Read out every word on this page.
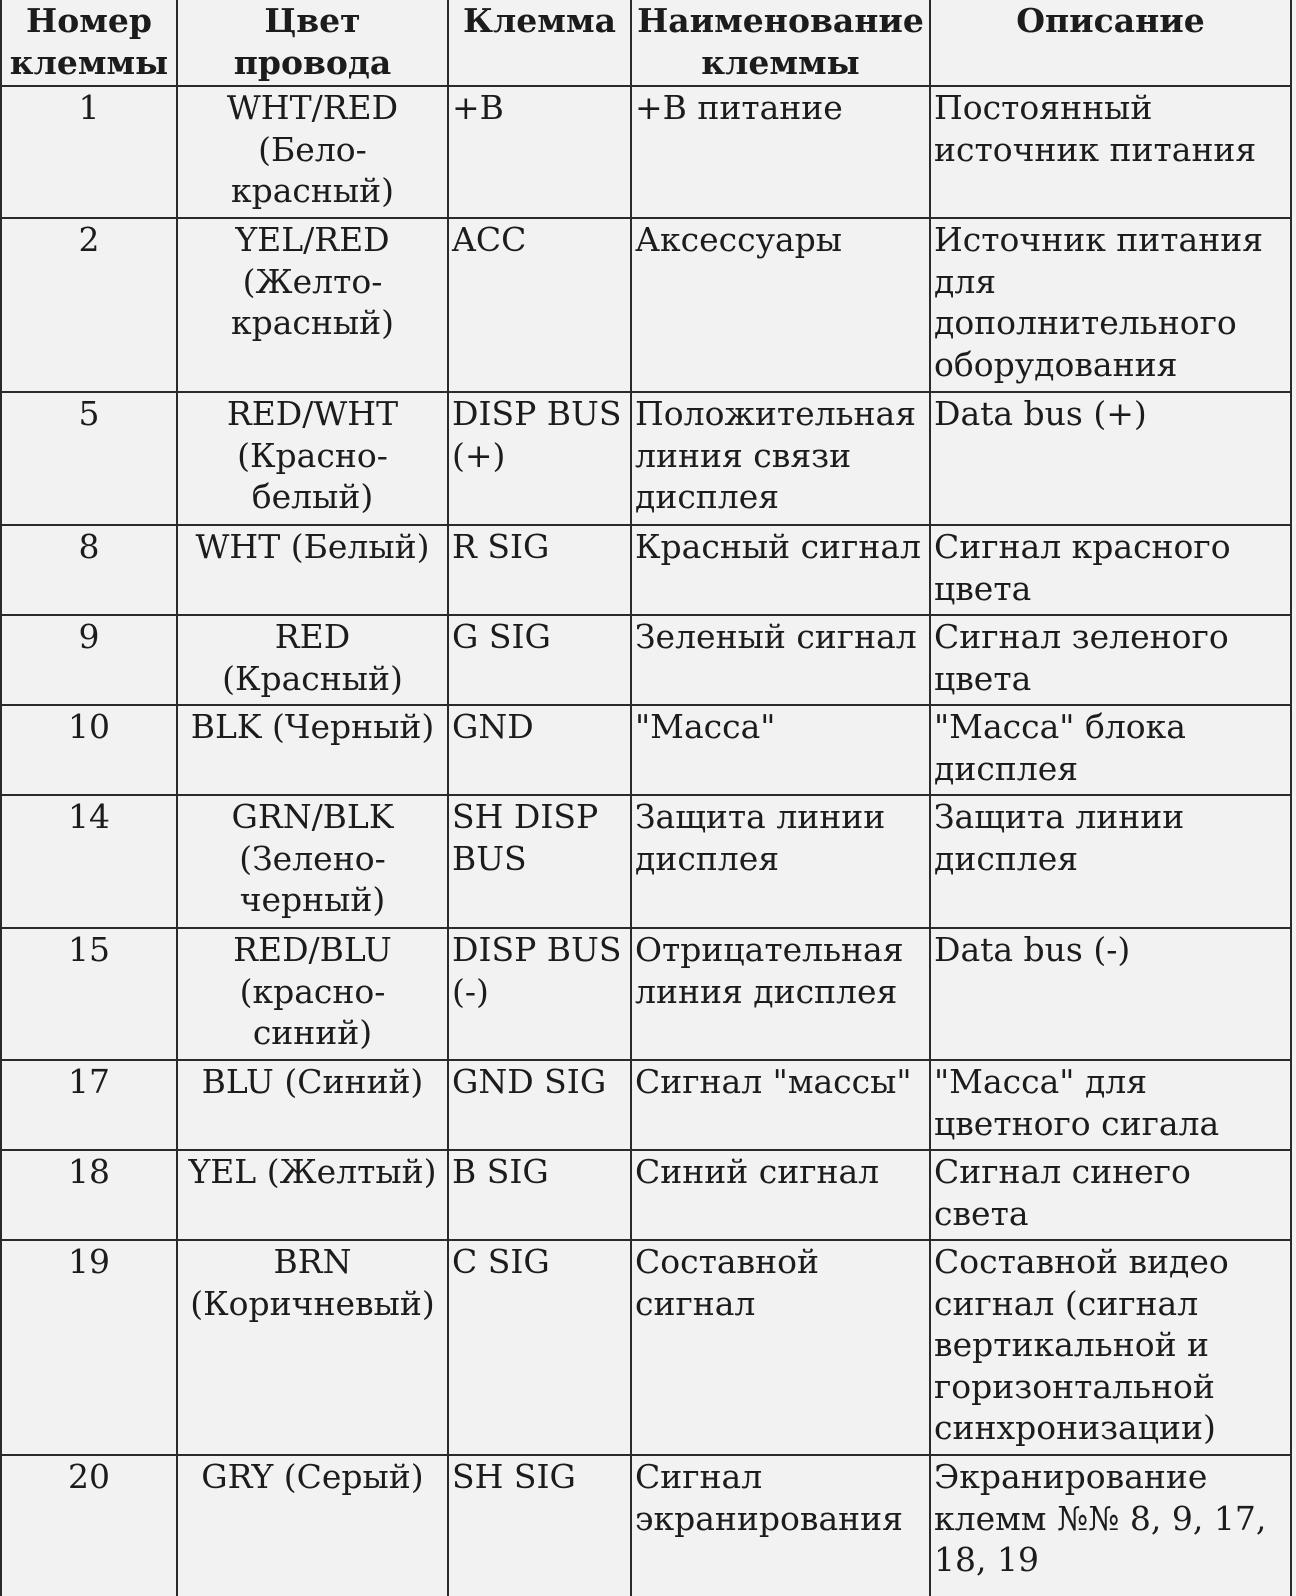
Номер клеммы	Цвет провода	Клемма	Наименование клеммы	Описание
1	WHT/RED (Бело-красный)	+B	+B питание	Постоянный источник питания
2	YEL/RED (Желто-красный)	ACC	Аксессуары	Источник питания для дополнительного оборудования
5	RED/WHT (Красно-белый)	DISP BUS (+)	Положительная линия связи дисплея	Data bus (+)
8	WHT (Белый)	R SIG	Красный сигнал	Сигнал красного цвета
9	RED (Красный)	G SIG	Зеленый сигнал	Сигнал зеленого цвета
10	BLK (Черный)	GND	"Масса"	"Масса" блока дисплея
14	GRN/BLK (Зелено-черный)	SH DISP BUS	Защита линии дисплея	Защита линии дисплея
15	RED/BLU (красно-синий)	DISP BUS (-)	Отрицательная линия дисплея	Data bus (-)
17	BLU (Синий)	GND SIG	Сигнал "массы"	"Масса" для цветного сигала
18	YEL (Желтый)	B SIG	Синий сигнал	Сигнал синего света
19	BRN (Коричневый)	C SIG	Составной сигнал	Составной видео сигнал (сигнал вертикальной и горизонтальной синхронизации)
20	GRY (Серый)	SH SIG	Сигнал экранирования	Экранирование клемм №№ 8, 9, 17, 18, 19
